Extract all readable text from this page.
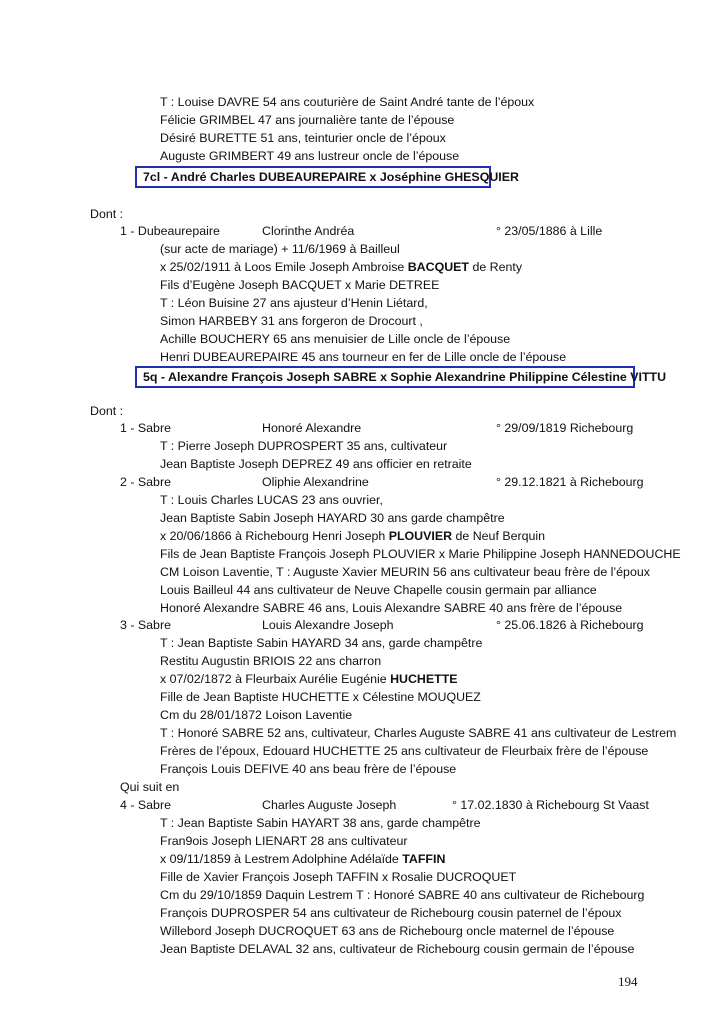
T : Louise DAVRE 54 ans couturière de Saint André tante de l’époux
Félicie GRIMBEL 47 ans journalière tante de l’épouse
Désiré BURETTE 51 ans, teinturier oncle de l’époux
Auguste GRIMBERT 49 ans lustreur oncle de l’épouse
7cl - André Charles DUBEAUREPAIRE x Joséphine GHESQUIER
Dont :
1 - Dubeaurepaire	Clorinthe Andréa	° 23/05/1886 à Lille
(sur acte de mariage) + 11/6/1969 à Bailleul
x 25/02/1911 à Loos Emile Joseph Ambroise BACQUET de Renty
Fils d’Eugène Joseph BACQUET x Marie DETREE
T : Léon Buisine 27 ans ajusteur d’Henin Liétard,
Simon HARBEBY 31 ans forgeron de Drocourt ,
Achille BOUCHERY 65 ans menuisier de Lille oncle de l’épouse
Henri DUBEAUREPAIRE 45 ans tourneur en fer de Lille oncle de l’épouse
5q - Alexandre François Joseph SABRE x Sophie Alexandrine Philippine Célestine VITTU
Dont :
1 - Sabre	Honoré Alexandre	° 29/09/1819 Richebourg
T : Pierre Joseph DUPROSPERT 35 ans, cultivateur
Jean Baptiste Joseph DEPREZ 49 ans officier en retraite
2 - Sabre	Oliphie Alexandrine	° 29.12.1821 à Richebourg
T : Louis Charles LUCAS 23 ans ouvrier,
Jean Baptiste Sabin Joseph HAYARD 30 ans garde champêtre
x 20/06/1866 à Richebourg Henri Joseph PLOUVIER de Neuf Berquin
Fils de Jean Baptiste François Joseph PLOUVIER x Marie Philippine Joseph HANNEDOUCHE
CM Loison Laventie, T : Auguste Xavier MEURIN 56 ans cultivateur beau frère de l’époux
Louis Bailleul 44 ans cultivateur de Neuve Chapelle cousin germain par alliance
Honoré Alexandre SABRE 46 ans, Louis Alexandre SABRE 40 ans frère de l’épouse
3 - Sabre	Louis Alexandre Joseph	° 25.06.1826 à Richebourg
T : Jean Baptiste Sabin HAYARD 34 ans, garde champêtre
Restitu Augustin BRIOIS 22 ans charron
x 07/02/1872 à Fleurbaix Aurélie Eugénie HUCHETTE
Fille de Jean Baptiste HUCHETTE x Célestine MOUQUEZ
Cm du 28/01/1872 Loison Laventie
T : Honoré SABRE 52 ans, cultivateur, Charles Auguste SABRE 41 ans cultivateur de Lestrem
Frères de l’époux, Edouard HUCHETTE 25 ans cultivateur de Fleurbaix frère de l’épouse
François Louis DEFIVE 40 ans beau frère de l’épouse
Qui suit en
4 - Sabre	Charles Auguste Joseph	° 17.02.1830 à Richebourg St Vaast
T : Jean Baptiste Sabin HAYART 38 ans, garde champêtre
Fran9ois Joseph LIENART 28 ans cultivateur
x 09/11/1859 à Lestrem Adolphine Adélaïde TAFFIN
Fille de Xavier François Joseph TAFFIN x Rosalie DUCROQUET
Cm du 29/10/1859 Daquin Lestrem T : Honoré SABRE 40 ans cultivateur de Richebourg
François DUPROSPER 54 ans cultivateur de Richebourg cousin paternel de l’époux
Willebord Joseph DUCROQUET 63 ans de Richebourg oncle maternel de l’épouse
Jean Baptiste DELAVAL 32 ans, cultivateur de Richebourg cousin germain de l’épouse
194
